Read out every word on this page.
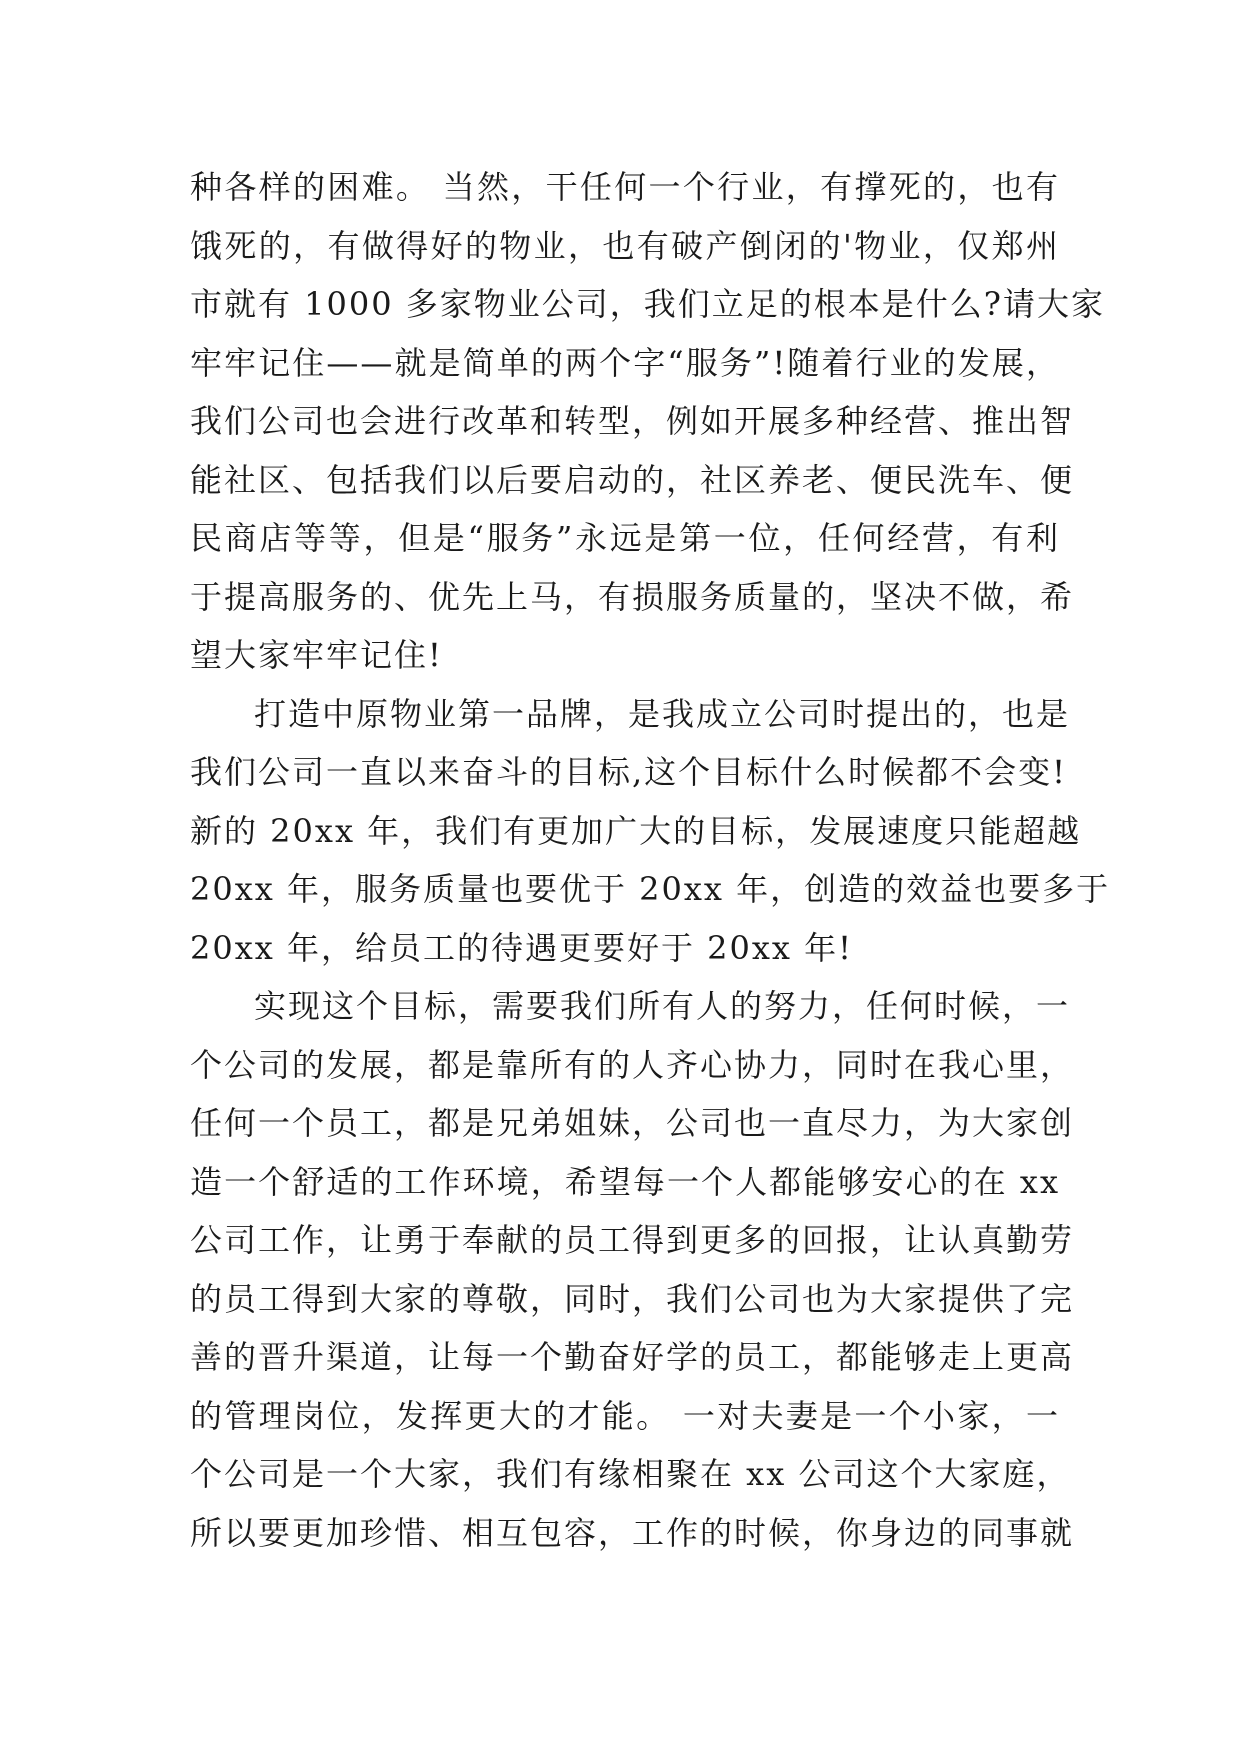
种各样的困难。 当然，干任何一个行业，有撑死的，也有
饿死的，有做得好的物业，也有破产倒闭的'物业，仅郑州
市就有 1000 多家物业公司，我们立足的根本是什么?请大家
牢牢记住——就是简单的两个字“服务”!随着行业的发展，
我们公司也会进行改革和转型，例如开展多种经营、推出智
能社区、包括我们以后要启动的，社区养老、便民洗车、便
民商店等等，但是“服务”永远是第一位，任何经营，有利
于提高服务的、优先上马，有损服务质量的，坚决不做，希
望大家牢牢记住!
打造中原物业第一品牌，是我成立公司时提出的，也是
我们公司一直以来奋斗的目标,这个目标什么时候都不会变!
新的 20xx 年，我们有更加广大的目标，发展速度只能超越
20xx 年，服务质量也要优于 20xx 年，创造的效益也要多于
20xx 年，给员工的待遇更要好于 20xx 年!
实现这个目标，需要我们所有人的努力，任何时候，一
个公司的发展，都是靠所有的人齐心协力，同时在我心里，
任何一个员工，都是兄弟姐妹，公司也一直尽力，为大家创
造一个舒适的工作环境，希望每一个人都能够安心的在 xx
公司工作，让勇于奉献的员工得到更多的回报，让认真勤劳
的员工得到大家的尊敬，同时，我们公司也为大家提供了完
善的晋升渠道，让每一个勤奋好学的员工，都能够走上更高
的管理岗位，发挥更大的才能。 一对夫妻是一个小家，一
个公司是一个大家，我们有缘相聚在 xx 公司这个大家庭，
所以要更加珍惜、相互包容，工作的时候，你身边的同事就
